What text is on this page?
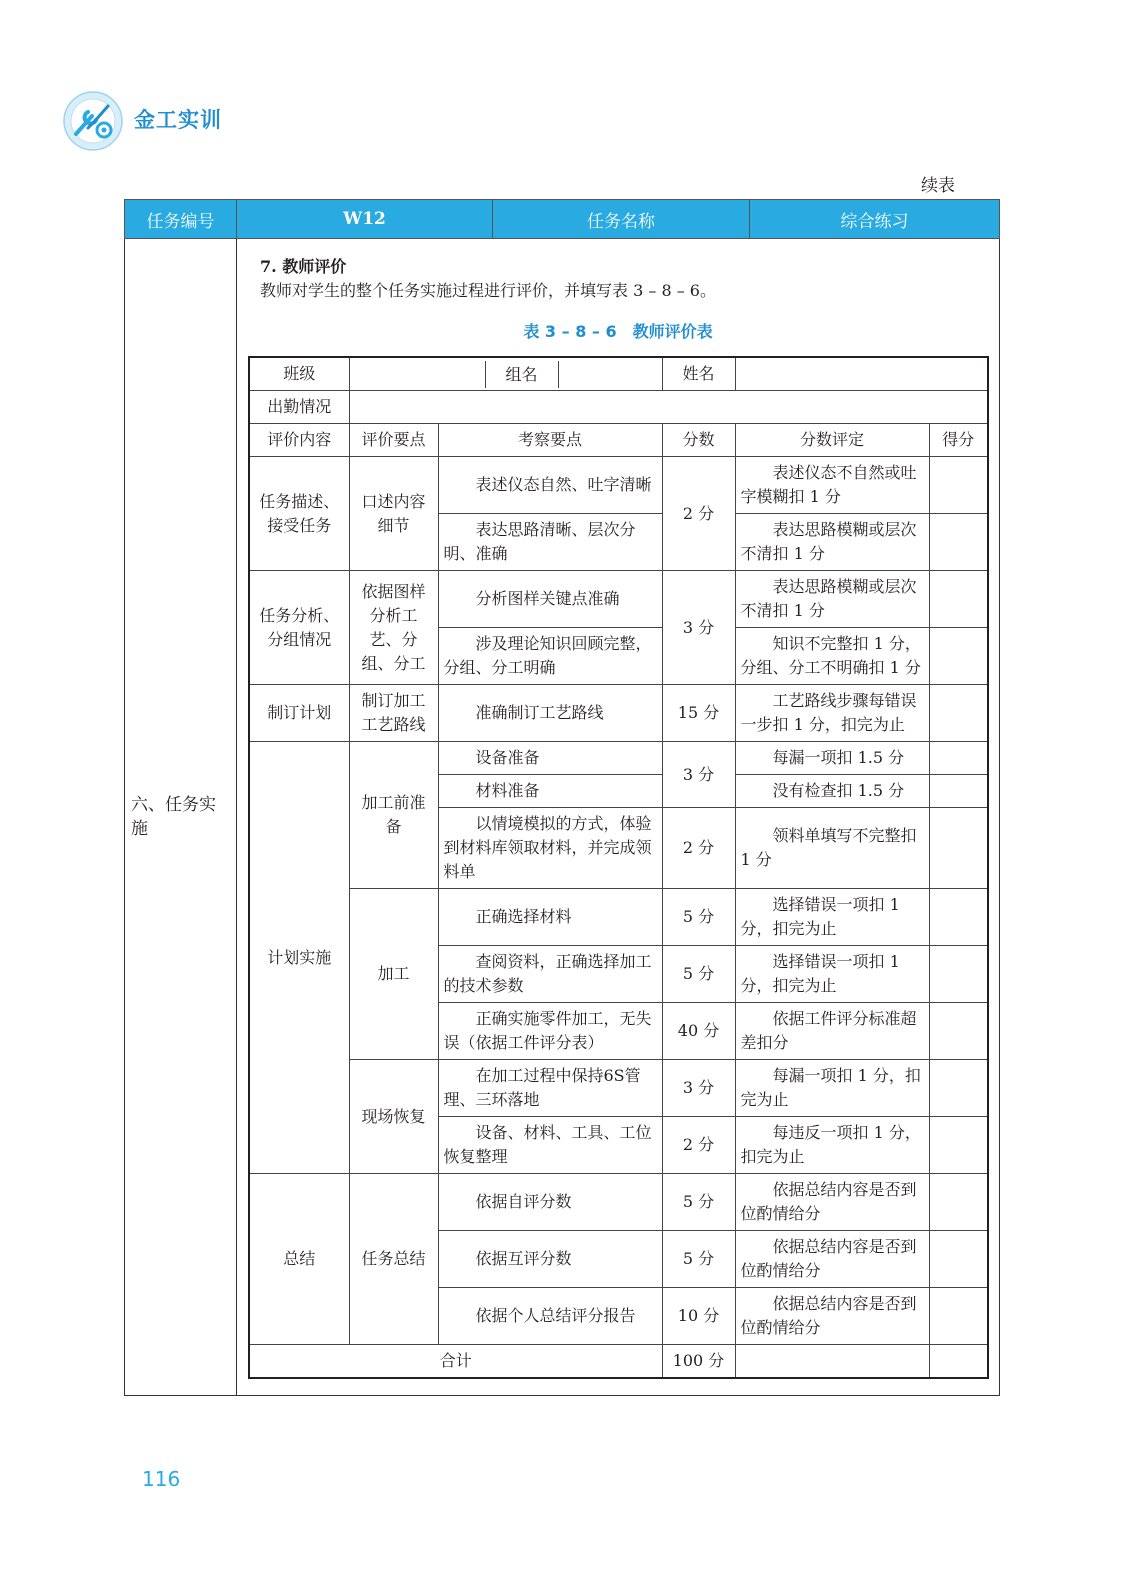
金工实训
续表
任务编号	W12	任务名称	综合练习
六、任务实施	
7. 教师评价
教师对学生的整个任务实施过程进行评价，并填写表 3 – 8 – 6。
表 3 – 8 – 6　教师评价表
班级	组名	姓名	
出勤情况	
评价内容	评价要点	考察要点	分数	分数评定	得分
任务描述、接受任务	口述内容细节	表述仪态自然、吐字清晰	2 分	表述仪态不自然或吐字模糊扣 1 分	
表达思路清晰、层次分明、准确	表达思路模糊或层次不清扣 1 分	
任务分析、分组情况	依据图样分析工艺、分组、分工	分析图样关键点准确	3 分	表达思路模糊或层次不清扣 1 分	
涉及理论知识回顾完整，分组、分工明确	知识不完整扣 1 分，分组、分工不明确扣 1 分	
制订计划	制订加工工艺路线	准确制订工艺路线	15 分	工艺路线步骤每错误一步扣 1 分，扣完为止	
计划实施	加工前准备	设备准备	3 分	每漏一项扣 1.5 分	
材料准备	没有检查扣 1.5 分	
以情境模拟的方式，体验到材料库领取材料，并完成领料单	2 分	领料单填写不完整扣 1 分	
加工	正确选择材料	5 分	选择错误一项扣 1 分，扣完为止	
查阅资料，正确选择加工的技术参数	5 分	选择错误一项扣 1 分，扣完为止	
正确实施零件加工，无失误（依据工件评分表）	40 分	依据工件评分标准超差扣分	
现场恢复	在加工过程中保持6S管理、三环落地	3 分	每漏一项扣 1 分，扣完为止	
设备、材料、工具、工位恢复整理	2 分	每违反一项扣 1 分，扣完为止	
总结	任务总结	依据自评分数	5 分	依据总结内容是否到位酌情给分	
依据互评分数	5 分	依据总结内容是否到位酌情给分	
依据个人总结评分报告	10 分	依据总结内容是否到位酌情给分	
合计	100 分		
116
